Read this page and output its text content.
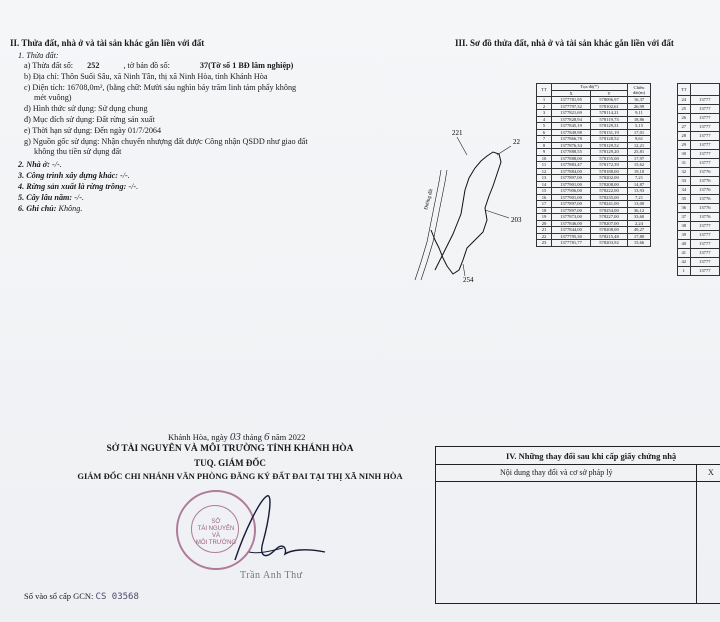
II. Thửa đất, nhà ở và tài sản khác gắn liền với đất
1. Thửa đất:
a) Thửa đất số: 252	, tờ bản đồ số:	37(Tờ số 1 BĐ lâm nghiệp)
b) Địa chỉ: Thôn Suối Sâu, xã Ninh Tân, thị xã Ninh Hòa, tỉnh Khánh Hòa
c) Diện tích: 16708,0m², (bằng chữ: Mười sáu nghìn bảy trăm linh tám phẩy không
mét vuông)
d) Hình thức sử dụng: Sử dụng chung
đ) Mục đích sử dụng: Đất rừng sản xuất
e) Thời hạn sử dụng: Đến ngày 01/7/2064
g) Nguồn gốc sử dụng: Nhận chuyển nhượng đất được Công nhận QSDD như giao đất
không thu tiền sử dụng đất
2. Nhà ở: -/-.
3. Công trình xây dựng khác: -/-.
4. Rừng sản xuất là rừng trồng: -/-.
5. Cây lâu năm: -/-.
6. Ghi chú: Không.
III. Sơ đồ thửa đất, nhà ở và tài sản khác gắn liền với đất
221
22
203
254
Đường đất
TT	Tọa độ(*)		Chiều dài(m)
	X	Y	
1	1377781,95	578096,97	16,37
2	1377797,32	578102,61	26,99
3	1377821,69	578114,21	9,11
4	1377828,94	578119,73	18,86
5	1377845,19	578129,31	5,15
6	1377849,98	578131,19	17,01
7	1377866,78	578128,52	9,61
8	1377876,34	578129,52	12,21
9	1377888,55	578129,20	25,81
10	1377888,00	578155,00	17,97
11	1377883,47	578172,39	15,62
12	1377884,00	578188,00	19,10
13	1377897,00	578202,00	7,21
14	1377901,00	578208,00	14,87
15	1377906,00	578222,00	13,93
16	1377901,00	578235,00	7,21
17	1377897,00	578241,00	13,00
18	1377897,00	578254,00	36,12
19	1377873,00	578227,00	33,60
20	1377846,00	578207,00	2,24
21	1377844,00	578208,00	49,27
22	1377795,30	578215,48	17,80
23	1377781,77	578203,92	15,66
TT	
24	13777
25	13777
26	13777
27	13777
28	13777
29	13777
30	13777
31	13777
32	13776
33	13776
34	13776
35	13776
36	13776
37	13776
38	13777
39	13777
40	13777
41	13777
42	13777
1	13777
Khánh Hòa, ngày 03 tháng 6 năm 2022
SỞ TÀI NGUYÊN VÀ MÔI TRƯỜNG TỈNH KHÁNH HÒA
TUQ. GIÁM ĐỐC
GIÁM ĐỐC CHI NHÁNH VĂN PHÒNG ĐĂNG KÝ ĐẤT ĐAI TẠI THỊ XÃ NINH HÒA
SỞ
TÀI NGUYÊN
VÀ
MÔI TRƯỜNG
Trần Anh Thư
IV. Những thay đổi sau khi cấp giấy chứng nhậ
Nội dung thay đổi và cơ sở pháp lý	X
Số vào sổ cấp GCN: CS 03568
